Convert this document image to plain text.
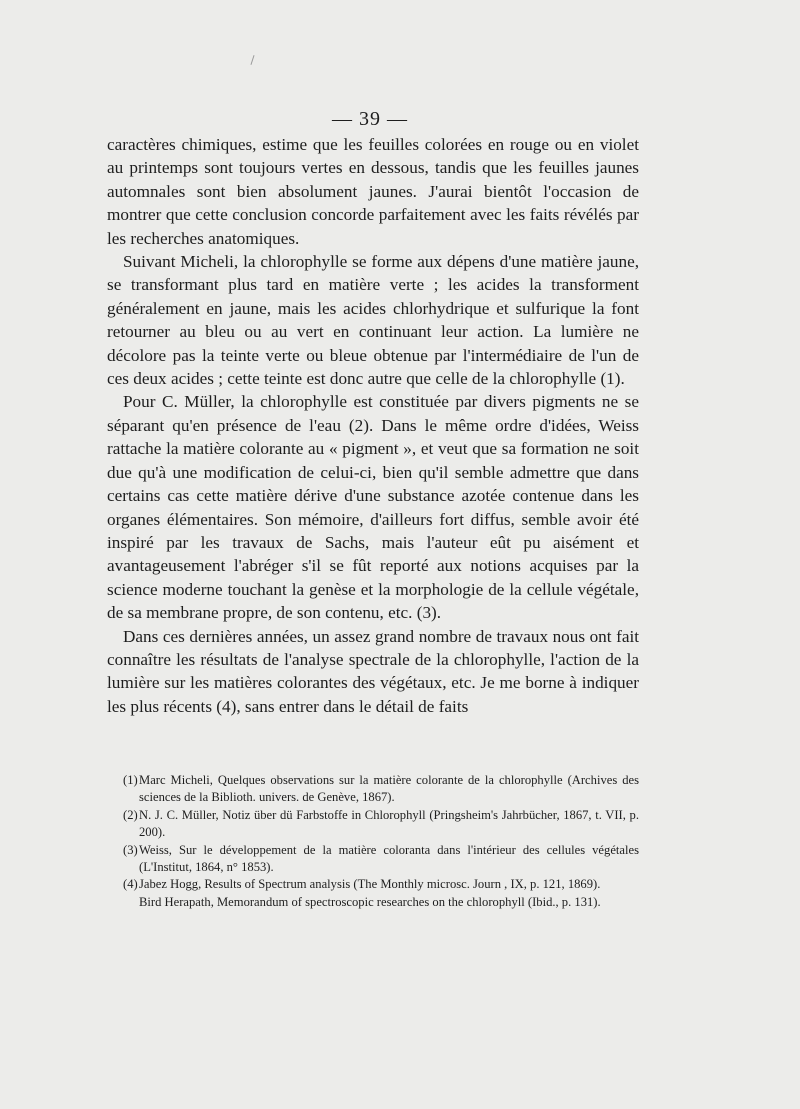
— 39 —

caractères chimiques, estime que les feuilles colorées en rouge ou en violet au printemps sont toujours vertes en dessous, tandis que les feuilles jaunes automnales sont bien absolument jaunes. J'aurai bientôt l'occasion de montrer que cette conclusion concorde parfaitement avec les faits révélés par les recherches anatomiques.

Suivant Micheli, la chlorophylle se forme aux dépens d'une matière jaune, se transformant plus tard en matière verte ; les acides la transforment généralement en jaune, mais les acides chlorhydrique et sulfurique la font retourner au bleu ou au vert en continuant leur action. La lumière ne décolore pas la teinte verte ou bleue obtenue par l'intermédiaire de l'un de ces deux acides ; cette teinte est donc autre que celle de la chlorophylle (1).

Pour C. Müller, la chlorophylle est constituée par divers pigments ne se séparant qu'en présence de l'eau (2). Dans le même ordre d'idées, Weiss rattache la matière colorante au « pigment », et veut que sa formation ne soit due qu'à une modification de celui-ci, bien qu'il semble admettre que dans certains cas cette matière dérive d'une substance azotée contenue dans les organes élémentaires. Son mémoire, d'ailleurs fort diffus, semble avoir été inspiré par les travaux de Sachs, mais l'auteur eût pu aisément et avantageusement l'abréger s'il se fût reporté aux notions acquises par la science moderne touchant la genèse et la morphologie de la cellule végétale, de sa membrane propre, de son contenu, etc. (3).

Dans ces dernières années, un assez grand nombre de travaux nous ont fait connaître les résultats de l'analyse spectrale de la chlorophylle, l'action de la lumière sur les matières colorantes des végétaux, etc. Je me borne à indiquer les plus récents (4), sans entrer dans le détail de faits

(1)Marc Micheli, Quelques observations sur la matière colorante de la chlorophylle (Archives des sciences de la Biblioth. univers. de Genève, 1867).

(2)N. J. C. Müller, Notiz über dü Farbstoffe in Chlorophyll (Pringsheim's Jahrbücher, 1867, t. VII, p. 200).

(3)Weiss, Sur le développement de la matière coloranta dans l'intérieur des cellules végétales (L'Institut, 1864, n° 1853).

(4)Jabez Hogg, Results of Spectrum analysis (The Monthly microsc. Journ , IX, p. 121, 1869).

Bird Herapath, Memorandum of spectroscopic researches on the chlorophyll (Ibid., p. 131).
